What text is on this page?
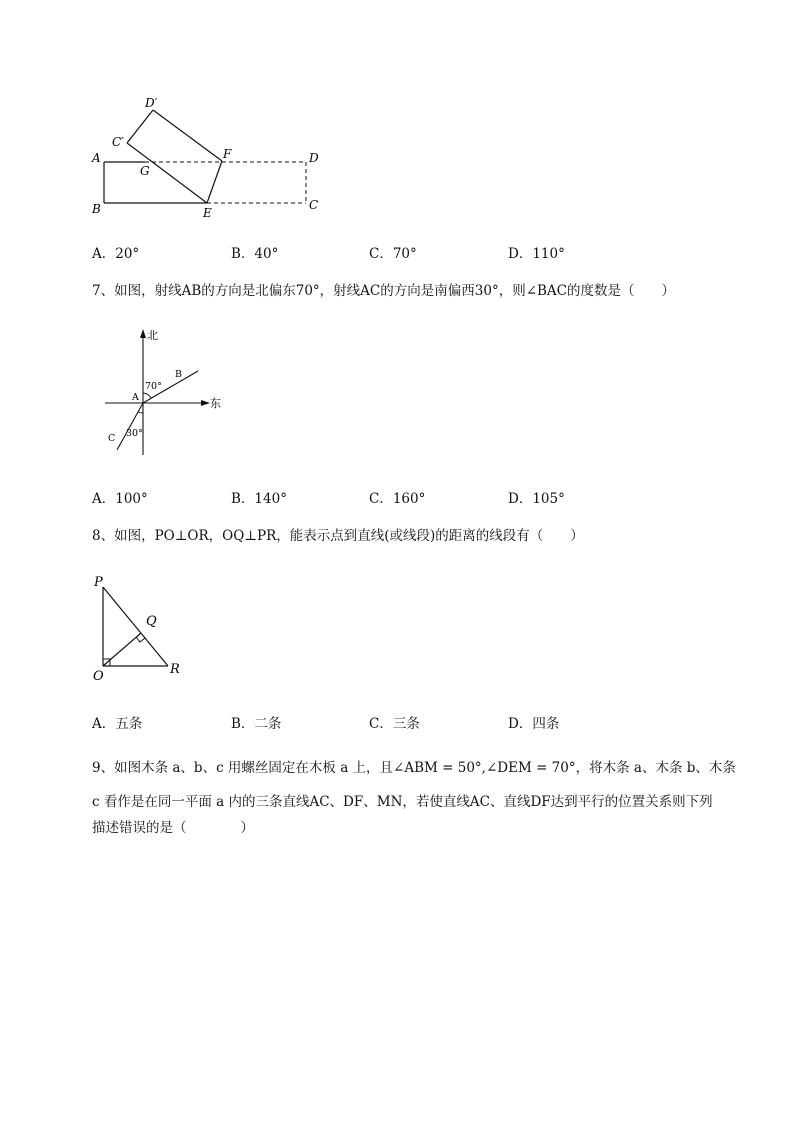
D′
C′
A
G
F	D
B	E
C
A．20°	B．40°	C．70°	D．110°
7、如图，射线AB的方向是北偏东70°，射线AC的方向是南偏西30°，则∠BAC的度数是（　　）
北
东
70°
B
A
30°
C
A．100°	B．140°	C．160°	D．105°
8、如图，PO⊥OR，OQ⊥PR，能表示点到直线(或线段)的距离的线段有（　　）
P
Q
O	R
A．五条	B．二条	C．三条	D．四条
9、如图木条 a、b、c 用螺丝固定在木板 a 上，且∠ABM = 50°,∠DEM = 70°，将木条 a、木条 b、木条
c 看作是在同一平面 a 内的三条直线AC、DF、MN，若使直线AC、直线DF达到平行的位置关系则下列
描述错误的是（　　　　）
